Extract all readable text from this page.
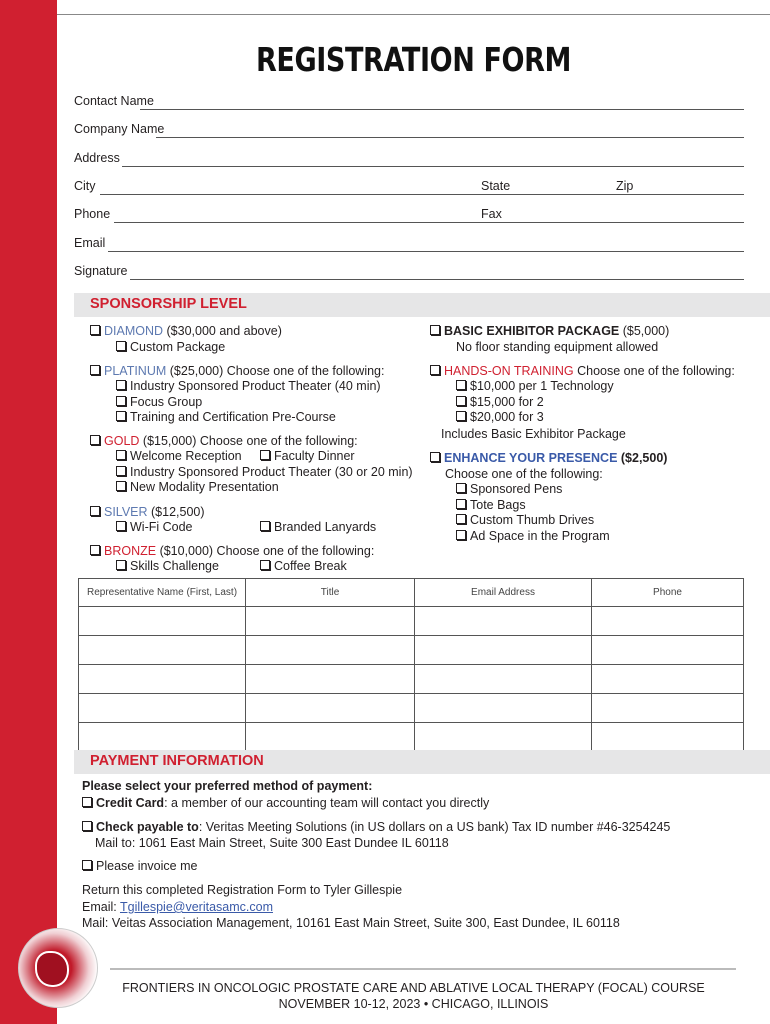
REGISTRATION FORM
Contact Name
Company Name
Address
City	State	Zip
Phone	Fax
Email
Signature
SPONSORSHIP LEVEL
DIAMOND ($30,000 and above)
Custom Package
PLATINUM ($25,000) Choose one of the following:
Industry Sponsored Product Theater (40 min)
Focus Group
Training and Certification Pre-Course
GOLD ($15,000) Choose one of the following:
Welcome Reception	Faculty Dinner
Industry Sponsored Product Theater (30 or 20 min)
New Modality Presentation
SILVER ($12,500)
Wi-Fi Code	Branded Lanyards
BRONZE ($10,000) Choose one of the following:
Skills Challenge	Coffee Break
BASIC EXHIBITOR PACKAGE ($5,000)
No floor standing equipment allowed
HANDS-ON TRAINING Choose one of the following:
$10,000 per 1 Technology
$15,000 for 2
$20,000 for 3
Includes Basic Exhibitor Package
ENHANCE YOUR PRESENCE ($2,500)
Choose one of the following:
Sponsored Pens
Tote Bags
Custom Thumb Drives
Ad Space in the Program
Representative Name (First, Last)	Title	Email Address	Phone

PAYMENT INFORMATION
Please select your preferred method of payment:
Credit Card: a member of our accounting team will contact you directly
Check payable to: Veritas Meeting Solutions (in US dollars on a US bank) Tax ID number #46-3254245
Mail to: 1061 East Main Street, Suite 300 East Dundee IL 60118
Please invoice me
Return this completed Registration Form to Tyler Gillespie
Email: Tgillespie@veritasamc.com
Mail: Veitas Association Management, 10161 East Main Street, Suite 300, East Dundee, IL 60118
FRONTIERS IN ONCOLOGIC PROSTATE CARE AND ABLATIVE LOCAL THERAPY (FOCAL) COURSE
NOVEMBER 10-12, 2023 • CHICAGO, ILLINOIS
